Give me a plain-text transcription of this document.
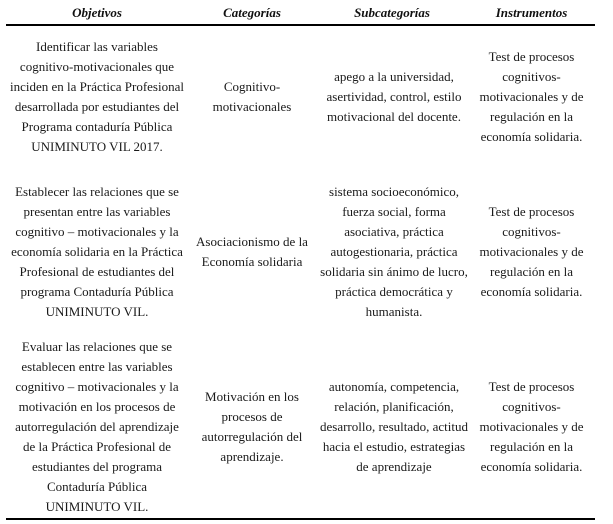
Objetivos	Categorías	Subcategorías	Instrumentos

Identificar las variables cognitivo-motivacionales que inciden en la Práctica Profesional desarrollada por estudiantes del Programa contaduría Pública UNIMINUTO VIL 2017.	Cognitivo-motivacionales	apego a la universidad, asertividad, control, estilo motivacional del docente.	Test de procesos cognitivos-motivacionales y de regulación en la economía solidaria.

Establecer las relaciones que se presentan entre las variables cognitivo – motivacionales y la economía solidaria en la Práctica Profesional de estudiantes del programa Contaduría Pública UNIMINUTO VIL.	Asociacionismo de la Economía solidaria	sistema socioeconómico, fuerza social, forma asociativa, práctica autogestionaria, práctica solidaria sin ánimo de lucro, práctica democrática y humanista.	Test de procesos cognitivos-motivacionales y de regulación en la economía solidaria.

Evaluar las relaciones que se establecen entre las variables cognitivo – motivacionales y la motivación en los procesos de autorregulación del aprendizaje de la Práctica Profesional de estudiantes del programa Contaduría Pública UNIMINUTO VIL.	Motivación en los procesos de autorregulación del aprendizaje.	autonomía, competencia, relación, planificación, desarrollo, resultado, actitud hacia el estudio, estrategias de aprendizaje	Test de procesos cognitivos-motivacionales y de regulación en la economía solidaria.
